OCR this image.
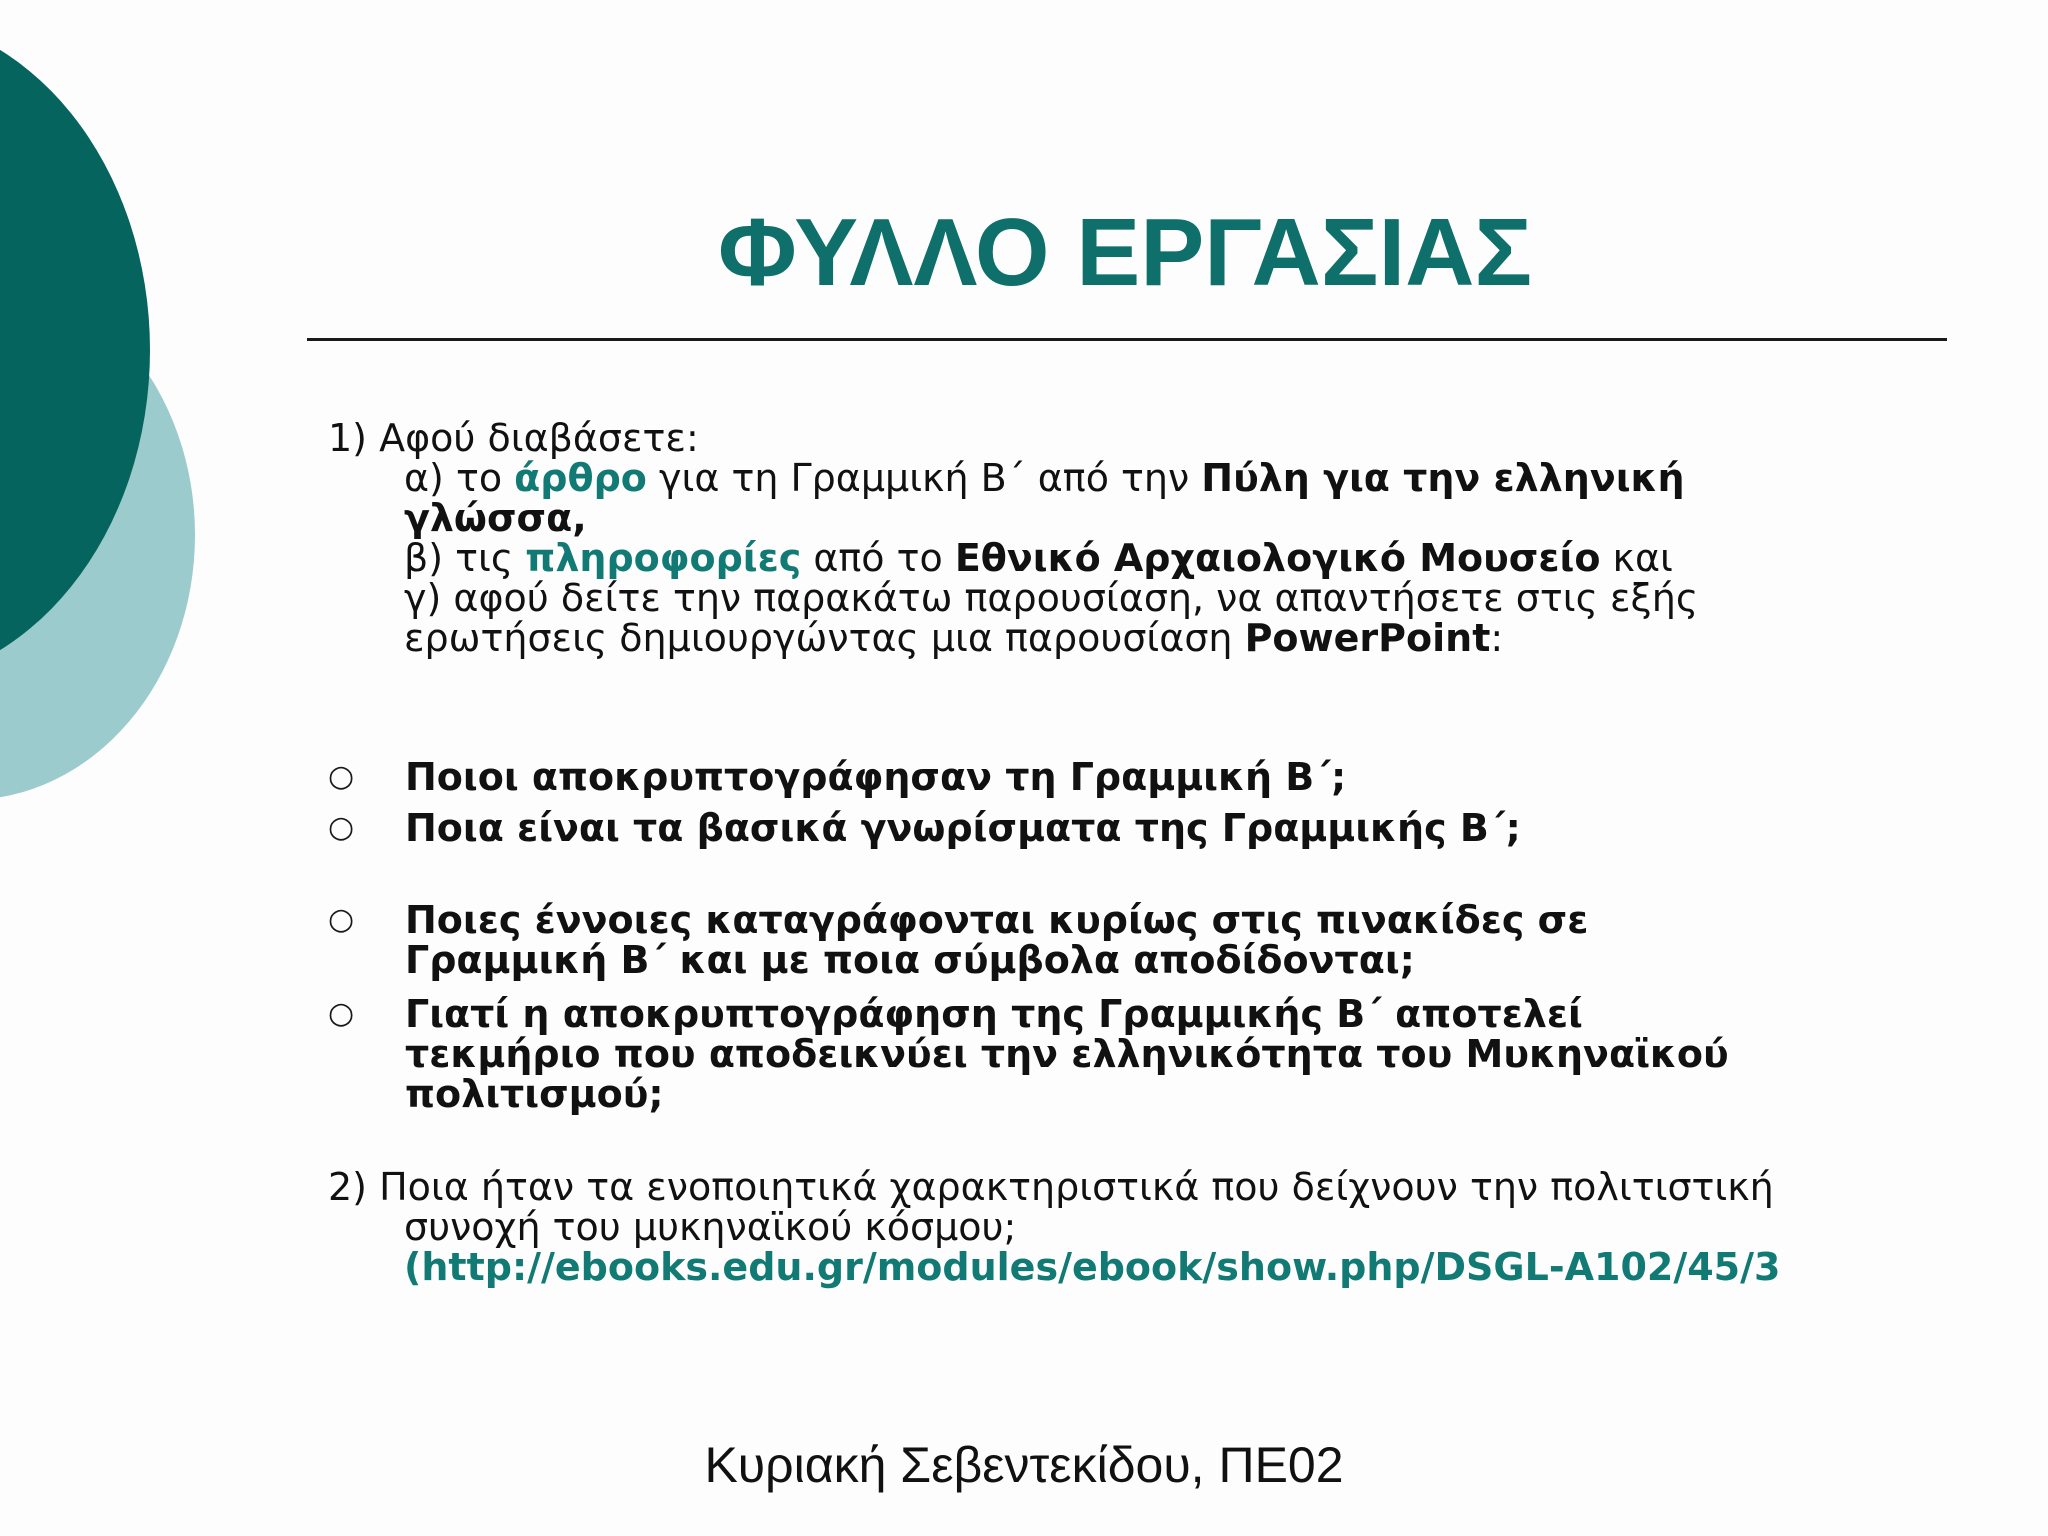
ΦΥΛΛΟ ΕΡΓΑΣΙΑΣ
1) Αφού διαβάσετε:
α) το άρθρο για τη Γραμμική Β΄ από την Πύλη για την ελληνική
γλώσσα,
β) τις πληροφορίες από το Εθνικό Αρχαιολογικό Μουσείο και
γ) αφού δείτε την παρακάτω παρουσίαση, να απαντήσετε στις εξής
ερωτήσεις δημιουργώντας μια παρουσίαση PowerPoint:
○ Ποιοι αποκρυπτογράφησαν τη Γραμμική Β΄;
○ Ποια είναι τα βασικά γνωρίσματα της Γραμμικής Β΄;
○ Ποιες έννοιες καταγράφονται κυρίως στις πινακίδες σε
Γραμμική Β΄ και με ποια σύμβολα αποδίδονται;
○ Γιατί η αποκρυπτογράφηση της Γραμμικής Β΄ αποτελεί
τεκμήριο που αποδεικνύει την ελληνικότητα του Μυκηναϊκού
πολιτισμού;
2) Ποια ήταν τα ενοποιητικά χαρακτηριστικά που δείχνουν την πολιτιστική
συνοχή του μυκηναϊκού κόσμου;
(http://ebooks.edu.gr/modules/ebook/show.php/DSGL-A102/45/3
Κυριακή Σεβεντεκίδου, ΠΕ02
